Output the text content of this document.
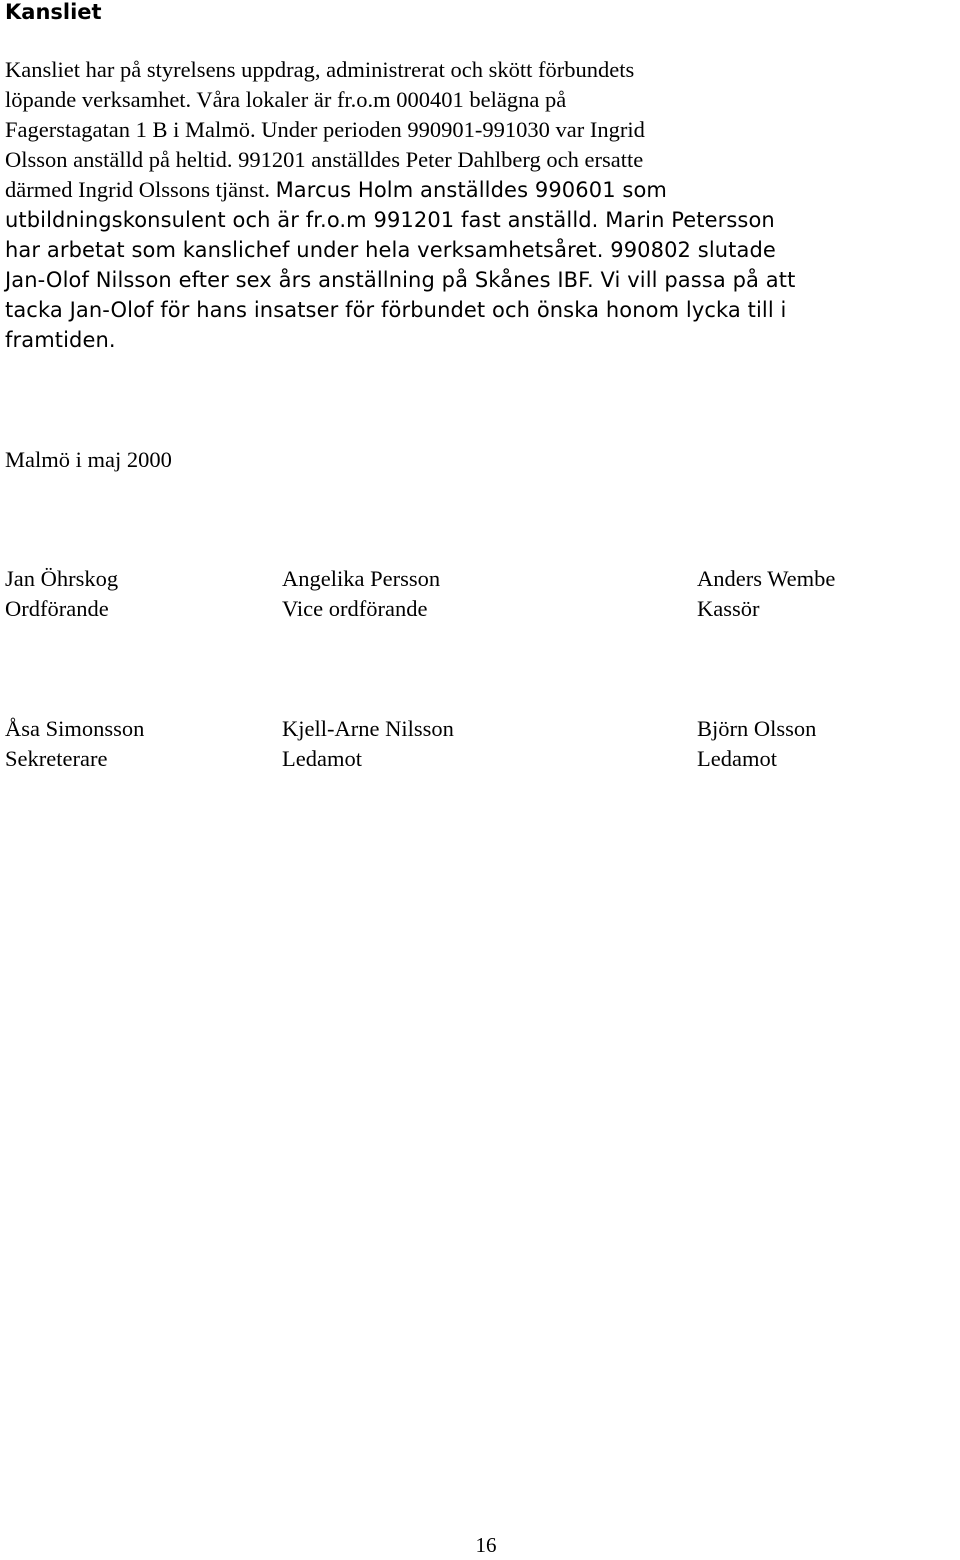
Kansliet
Kansliet har på styrelsens uppdrag, administrerat och skött förbundets
löpande verksamhet. Våra lokaler är fr.o.m 000401 belägna på
Fagerstagatan 1 B i Malmö. Under perioden 990901-991030 var Ingrid
Olsson anställd på heltid. 991201 anställdes Peter Dahlberg och ersatte
därmed Ingrid Olssons tjänst. Marcus Holm anställdes 990601 som
utbildningskonsulent och är fr.o.m 991201 fast anställd. Marin Petersson
har arbetat som kanslichef under hela verksamhetsåret. 990802 slutade
Jan-Olof Nilsson efter sex års anställning på Skånes IBF. Vi vill passa på att
tacka Jan-Olof för hans insatser för förbundet och önska honom lycka till i
framtiden.

Malmö i maj 2000

Jan Öhrskog
Ordförande
Angelika Persson
Vice ordförande
Anders Wembe
Kassör
Åsa Simonsson
Sekreterare
Kjell-Arne Nilsson
Ledamot
Björn Olsson
Ledamot

16
